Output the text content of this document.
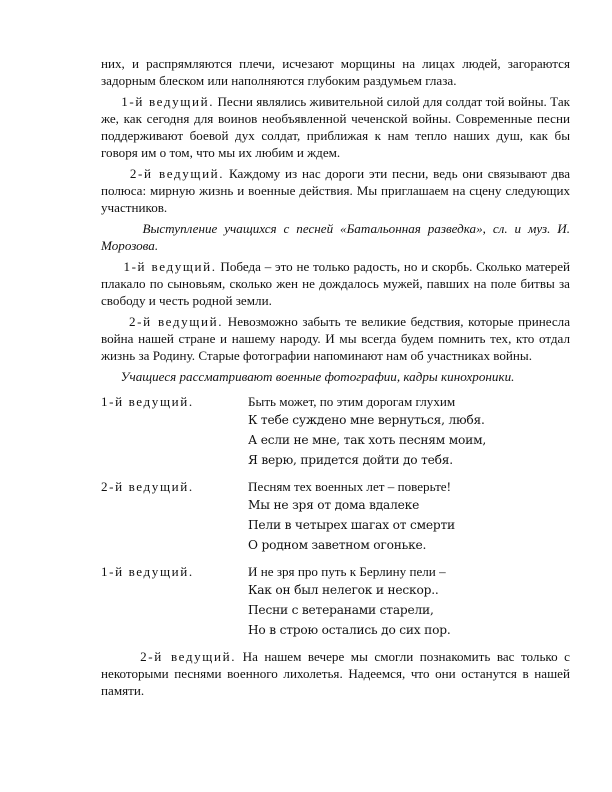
них, и распрямляются плечи, исчезают морщины на лицах людей, загораются задорным блеском или наполняются глубоким раздумьем глаза.

1-й ведущий. Песни являлись живительной силой для солдат той войны. Так же, как сегодня для воинов необъявленной чеченской войны. Современные песни поддерживают боевой дух солдат, приближая к нам тепло наших душ, как бы говоря им о том, что мы их любим и ждем.

2-й ведущий. Каждому из нас дороги эти песни, ведь они связывают два полюса: мирную жизнь и военные действия. Мы приглашаем на сцену следующих участников.

Выступление учащихся с песней «Батальонная разведка», сл. и муз. И. Морозова.

1-й ведущий. Победа – это не только радость, но и скорбь. Сколько матерей плакало по сыновьям, сколько жен не дождалось мужей, павших на поле битвы за свободу и честь родной земли.

2-й ведущий. Невозможно забыть те великие бедствия, которые принесла война нашей стране и нашему народу. И мы всегда будем помнить тех, кто отдал жизнь за Родину. Старые фотографии напоминают нам об участниках войны.

Учащиеся рассматривают военные фотографии, кадры кинохроники.

1-й ведущий.	Быть может, по этим дорогам глухим
К тебе суждено мне вернуться, любя.
А если не мне, так хоть песням моим,
Я верю, придется дойти до тебя.
2-й ведущий.	Песням тех военных лет – поверьте!
Мы не зря от дома вдалеке
Пели в четырех шагах от смерти
О родном заветном огоньке.
1-й ведущий.	И не зря про путь к Берлину пели –
Как он был нелегок и нескор..
Песни с ветеранами старели,
Но в строю остались до сих пор.

2-й ведущий. На нашем вечере мы смогли познакомить вас только с некоторыми песнями военного лихолетья. Надеемся, что они останутся в нашей памяти.
